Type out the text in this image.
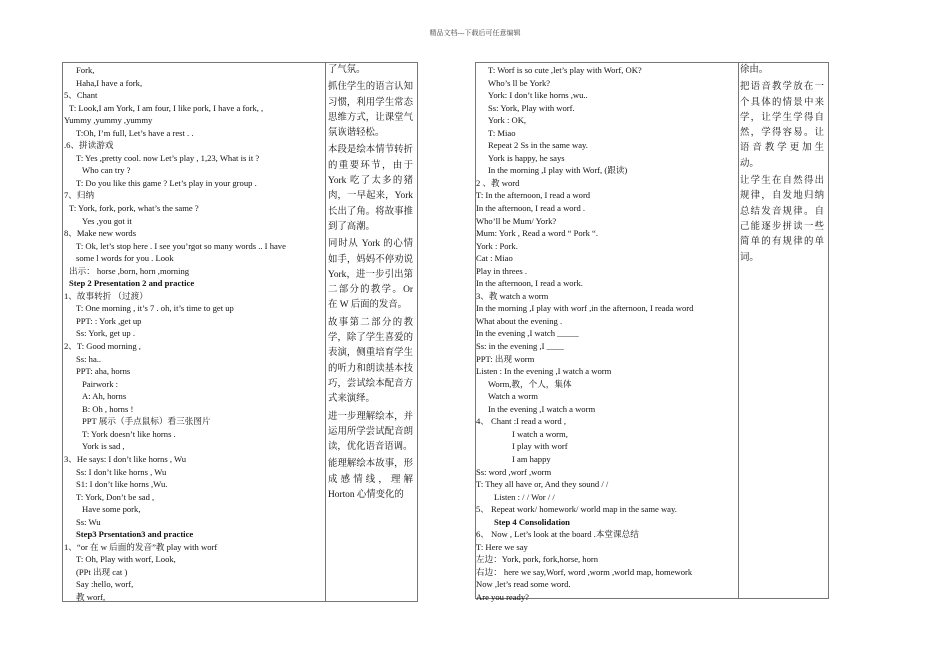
精品文档---下载后可任意编辑
Fork,
Haha,I have a fork,
5、Chant
T: Look,I am York, I am four, I like pork, I have a fork, ,
Yummy ,yummy ,yummy
T:Oh, I’m full, Let’s have a rest . .
.6、拼读游戏
T: Yes ,pretty cool. now Let’s play , 1,23, What is it ?
Who can try ?
T: Do you like this game ? Let’s play in your group .
7、归纳
T: York, fork, pork, what’s the same ?
Yes ,you got it
8、Make new words
T: Ok, let’s stop here . I see you’rgot so many words .. I have
some l words for you . Look
出示： horse ,born, horn ,morning
Step 2 Presentation 2 and practice
1、故事转折 （过渡）
T: One morning , it’s 7 . oh, it’s time to get up
PPT: : York ,get up
Ss: York, get up .
2、T: Good morning ,
Ss: ha..
PPT: aha, horns
Pairwork :
A: Ah, horns
B: Oh , horns !
PPT 展示（手点鼠标）看三张图片
T: York doesn’t like horns .
York is sad ,
3、He says: I don’t like horns , Wu
Ss: I don’t like horns , Wu
S1: I don’t like horns ,Wu.
T: York, Don’t be sad ,
Have some pork,
Ss: Wu
Step3 Prsentation3 and practice
1、“or 在 w 后面的发音”教 play with worf
T: Oh, Play with worf, Look,
(PPt 出现 cat )
Say :hello, worf,
教 worf,

了气氛。

抓住学生的语言认知习惯，利用学生常态思维方式，让课堂气氛诙谐轻松。

本段是绘本情节转折的重要环节，由于 York 吃了太多的猪肉，一早起来，York 长出了角。将故事推到了高潮。

同时从 York 的心情如手，妈妈不停劝说 York，进一步引出第二部分的教学。Or 在 W 后面的发音。

故事第二部分的教学，除了学生喜爱的表演，侧重培育学生的听力和朗读基本技巧，尝试绘本配音方式来演绎。

进一步理解绘本，并运用所学尝试配音朗读，优化语音语调。

能理解绘本故事，形成感情线，理解 Horton 心情变化的

T: Worf is so cute ,let’s play with Worf, OK?
Who’s ll be York?
York: I don’t like horns ,wu..
Ss: York, Play with worf.
York : OK,
T: Miao
Repeat 2 Ss in the same way.
York is happy, he says
In the morning ,I play with Worf, (跟读)
2 、教 word
T: In the afternoon, I read a word
In the afternoon, I read a word .
Who’ll be Mum/ York?
Mum: York , Read a word “ Pork “.
York : Pork.
Cat : Miao
Play in threes .
In the afternoon, I read a work.
3、教 watch a worm
In the morning ,I play with worf ,in the afternoon, I reada word
What about the evening .
In the evening ,I watch _____
Ss: in the evening ,I ____
PPT: 出现 worm
Listen : In the evening ,I watch a worm
Worm,教，个人，集体
Watch a worm
In the evening ,I watch a worm
4、 Chant :I read a word ,
I watch a worm,
I play with worf
I am happy
Ss: word ,worf ,worm
T: They all have or, And they sound / /
Listen : / / Wor / /
5、 Repeat work/ homework/ world map in the same way.
Step 4 Consolidation
6、 Now , Let’s look at the board .本堂课总结
T: Here we say
左边：York, pork, fork,horse, horn
右边： here we say,Worf, word ,worm ,world map, homework
Now ,let’s read some word.
Are you ready?

徐由。

把语音教学放在一个具体的情景中来学，让学生学得自然，学得容易。让语音教学更加生动。

让学生在自然得出规律，自发地归纳总结发音规律。自己能逐步拼读一些简单的有规律的单词。
